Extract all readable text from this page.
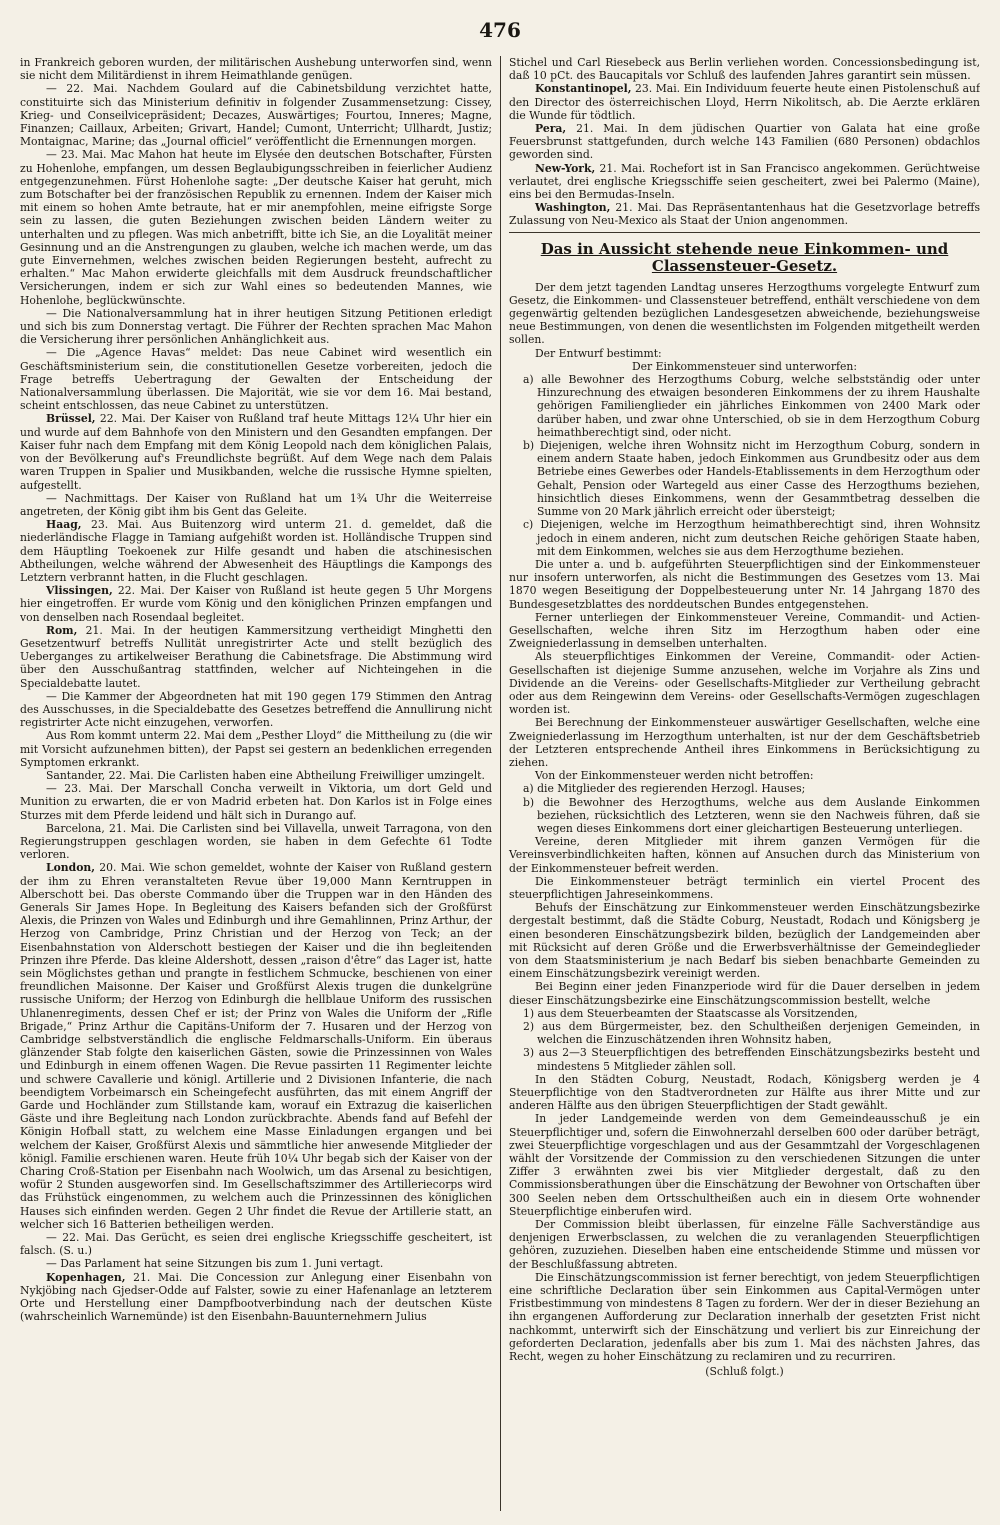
476

in Frankreich geboren wurden, der militärischen Aushebung unterworfen sind, wenn sie nicht dem Militärdienst in ihrem Heimathlande genügen.

— 22. Mai. Nachdem Goulard auf die Cabinetsbildung verzichtet hatte, constituirte sich das Ministerium definitiv in folgender Zusammensetzung: Cissey, Krieg- und Conseilvicepräsident; Decazes, Auswärtiges; Fourtou, Inneres; Magne, Finanzen; Caillaux, Arbeiten; Grivart, Handel; Cumont, Unterricht; Ullhardt, Justiz; Montaignac, Marine; das „Journal officiel“ veröffentlicht die Ernennungen morgen.

— 23. Mai. Mac Mahon hat heute im Elysée den deutschen Botschafter, Fürsten zu Hohenlohe, empfangen, um dessen Beglaubigungsschreiben in feierlicher Audienz entgegenzunehmen. Fürst Hohenlohe sagte: „Der deutsche Kaiser hat geruht, mich zum Botschafter bei der französischen Republik zu ernennen. Indem der Kaiser mich mit einem so hohen Amte betraute, hat er mir anempfohlen, meine eifrigste Sorge sein zu lassen, die guten Beziehungen zwischen beiden Ländern weiter zu unterhalten und zu pflegen. Was mich anbetrifft, bitte ich Sie, an die Loyalität meiner Gesinnung und an die Anstrengungen zu glauben, welche ich machen werde, um das gute Einvernehmen, welches zwischen beiden Regierungen besteht, aufrecht zu erhalten.“ Mac Mahon erwiderte gleichfalls mit dem Ausdruck freundschaftlicher Versicherungen, indem er sich zur Wahl eines so bedeutenden Mannes, wie Hohenlohe, beglückwünschte.

— Die Nationalversammlung hat in ihrer heutigen Sitzung Petitionen erledigt und sich bis zum Donnerstag vertagt. Die Führer der Rechten sprachen Mac Mahon die Versicherung ihrer persönlichen Anhänglichkeit aus.

— Die „Agence Havas“ meldet: Das neue Cabinet wird wesentlich ein Geschäftsministerium sein, die constitutionellen Gesetze vorbereiten, jedoch die Frage betreffs Uebertragung der Gewalten der Entscheidung der Nationalversammlung überlassen. Die Majorität, wie sie vor dem 16. Mai bestand, scheint entschlossen, das neue Cabinet zu unterstützen.

Brüssel, 22. Mai. Der Kaiser von Rußland traf heute Mittags 12¼ Uhr hier ein und wurde auf dem Bahnhofe von den Ministern und den Gesandten empfangen. Der Kaiser fuhr nach dem Empfang mit dem König Leopold nach dem königlichen Palais, von der Bevölkerung auf's Freundlichste begrüßt. Auf dem Wege nach dem Palais waren Truppen in Spalier und Musikbanden, welche die russische Hymne spielten, aufgestellt.

— Nachmittags. Der Kaiser von Rußland hat um 1¾ Uhr die Weiterreise angetreten, der König gibt ihm bis Gent das Geleite.

Haag, 23. Mai. Aus Buitenzorg wird unterm 21. d. gemeldet, daß die niederländische Flagge in Tamiang aufgehißt worden ist. Holländische Truppen sind dem Häuptling Toekoenek zur Hilfe gesandt und haben die atschinesischen Abtheilungen, welche während der Abwesenheit des Häuptlings die Kampongs des Letztern verbrannt hatten, in die Flucht geschlagen.

Vlissingen, 22. Mai. Der Kaiser von Rußland ist heute gegen 5 Uhr Morgens hier eingetroffen. Er wurde vom König und den königlichen Prinzen empfangen und von denselben nach Rosendaal begleitet.

Rom, 21. Mai. In der heutigen Kammersitzung vertheidigt Minghetti den Gesetzentwurf betreffs Nullität unregistrirter Acte und stellt bezüglich des Ueberganges zu artikelweiser Berathung die Cabinetsfrage. Die Abstimmung wird über den Ausschußantrag stattfinden, welcher auf Nichteingehen in die Specialdebatte lautet.

— Die Kammer der Abgeordneten hat mit 190 gegen 179 Stimmen den Antrag des Ausschusses, in die Specialdebatte des Gesetzes betreffend die Annullirung nicht registrirter Acte nicht einzugehen, verworfen.

Aus Rom kommt unterm 22. Mai dem „Pesther Lloyd“ die Mittheilung zu (die wir mit Vorsicht aufzunehmen bitten), der Papst sei gestern an bedenklichen erregenden Symptomen erkrankt.

Santander, 22. Mai. Die Carlisten haben eine Abtheilung Freiwilliger umzingelt.

— 23. Mai. Der Marschall Concha verweilt in Viktoria, um dort Geld und Munition zu erwarten, die er von Madrid erbeten hat. Don Karlos ist in Folge eines Sturzes mit dem Pferde leidend und hält sich in Durango auf.

Barcelona, 21. Mai. Die Carlisten sind bei Villavella, unweit Tarragona, von den Regierungstruppen geschlagen worden, sie haben in dem Gefechte 61 Todte verloren.

London, 20. Mai. Wie schon gemeldet, wohnte der Kaiser von Rußland gestern der ihm zu Ehren veranstalteten Revue über 19,000 Mann Kerntruppen in Alberschott bei. Das oberste Commando über die Truppen war in den Händen des Generals Sir James Hope. In Begleitung des Kaisers befanden sich der Großfürst Alexis, die Prinzen von Wales und Edinburgh und ihre Gemahlinnen, Prinz Arthur, der Herzog von Cambridge, Prinz Christian und der Herzog von Teck; an der Eisenbahnstation von Alderschott bestiegen der Kaiser und die ihn begleitenden Prinzen ihre Pferde. Das kleine Aldershott, dessen „raison d'être“ das Lager ist, hatte sein Möglichstes gethan und prangte in festlichem Schmucke, beschienen von einer freundlichen Maisonne. Der Kaiser und Großfürst Alexis trugen die dunkelgrüne russische Uniform; der Herzog von Edinburgh die hellblaue Uniform des russischen Uhlanenregiments, dessen Chef er ist; der Prinz von Wales die Uniform der „Rifle Brigade,“ Prinz Arthur die Capitäns-Uniform der 7. Husaren und der Herzog von Cambridge selbstverständlich die englische Feldmarschalls-Uniform. Ein überaus glänzender Stab folgte den kaiserlichen Gästen, sowie die Prinzessinnen von Wales und Edinburgh in einem offenen Wagen. Die Revue passirten 11 Regimenter leichte und schwere Cavallerie und königl. Artillerie und 2 Divisionen Infanterie, die nach beendigtem Vorbeimarsch ein Scheingefecht ausführten, das mit einem Angriff der Garde und Hochländer zum Stillstande kam, worauf ein Extrazug die kaiserlichen Gäste und ihre Begleitung nach London zurückbrachte. Abends fand auf Befehl der Königin Hofball statt, zu welchem eine Masse Einladungen ergangen und bei welchem der Kaiser, Großfürst Alexis und sämmtliche hier anwesende Mitglieder der königl. Familie erschienen waren. Heute früh 10¼ Uhr begab sich der Kaiser von der Charing Croß-Station per Eisenbahn nach Woolwich, um das Arsenal zu besichtigen, wofür 2 Stunden ausgeworfen sind. Im Gesellschaftszimmer des Artilleriecorps wird das Frühstück eingenommen, zu welchem auch die Prinzessinnen des königlichen Hauses sich einfinden werden. Gegen 2 Uhr findet die Revue der Artillerie statt, an welcher sich 16 Batterien betheiligen werden.

— 22. Mai. Das Gerücht, es seien drei englische Kriegsschiffe gescheitert, ist falsch. (S. u.)

— Das Parlament hat seine Sitzungen bis zum 1. Juni vertagt.

Kopenhagen, 21. Mai. Die Concession zur Anlegung einer Eisenbahn von Nykjöbing nach Gjedser-Odde auf Falster, sowie zu einer Hafenanlage an letzterem Orte und Herstellung einer Dampfbootverbindung nach der deutschen Küste (wahrscheinlich Warnemünde) ist den Eisenbahn-Bauunternehmern Julius

Stichel und Carl Riesebeck aus Berlin verliehen worden. Concessionsbedingung ist, daß 10 pCt. des Baucapitals vor Schluß des laufenden Jahres garantirt sein müssen.

Konstantinopel, 23. Mai. Ein Individuum feuerte heute einen Pistolenschuß auf den Director des österreichischen Lloyd, Herrn Nikolitsch, ab. Die Aerzte erklären die Wunde für tödtlich.

Pera, 21. Mai. In dem jüdischen Quartier von Galata hat eine große Feuersbrunst stattgefunden, durch welche 143 Familien (680 Personen) obdachlos geworden sind.

New-York, 21. Mai. Rochefort ist in San Francisco angekommen. Gerüchtweise verlautet, drei englische Kriegsschiffe seien gescheitert, zwei bei Palermo (Maine), eins bei den Bermudas-Inseln.

Washington, 21. Mai. Das Repräsentantenhaus hat die Gesetzvorlage betreffs Zulassung von Neu-Mexico als Staat der Union angenommen.

Das in Aussicht stehende neue Einkommen- und Classensteuer-Gesetz.

Der dem jetzt tagenden Landtag unseres Herzogthums vorgelegte Entwurf zum Gesetz, die Einkommen- und Classensteuer betreffend, enthält verschiedene von dem gegenwärtig geltenden bezüglichen Landesgesetzen abweichende, beziehungsweise neue Bestimmungen, von denen die wesentlichsten im Folgenden mitgetheilt werden sollen.

Der Entwurf bestimmt:

Der Einkommensteuer sind unterworfen:

a) alle Bewohner des Herzogthums Coburg, welche selbstständig oder unter Hinzurechnung des etwaigen besonderen Einkommens der zu ihrem Haushalte gehörigen Familienglieder ein jährliches Einkommen von 2400 Mark oder darüber haben, und zwar ohne Unterschied, ob sie in dem Herzogthum Coburg heimathberechtigt sind, oder nicht.

b) Diejenigen, welche ihren Wohnsitz nicht im Herzogthum Coburg, sondern in einem andern Staate haben, jedoch Einkommen aus Grundbesitz oder aus dem Betriebe eines Gewerbes oder Handels-Etablissements in dem Herzogthum oder Gehalt, Pension oder Wartegeld aus einer Casse des Herzogthums beziehen, hinsichtlich dieses Einkommens, wenn der Gesammtbetrag desselben die Summe von 20 Mark jährlich erreicht oder übersteigt;

c) Diejenigen, welche im Herzogthum heimathberechtigt sind, ihren Wohnsitz jedoch in einem anderen, nicht zum deutschen Reiche gehörigen Staate haben, mit dem Einkommen, welches sie aus dem Herzogthume beziehen.

Die unter a. und b. aufgeführten Steuerpflichtigen sind der Einkommensteuer nur insofern unterworfen, als nicht die Bestimmungen des Gesetzes vom 13. Mai 1870 wegen Beseitigung der Doppelbesteuerung unter Nr. 14 Jahrgang 1870 des Bundesgesetzblattes des norddeutschen Bundes entgegenstehen.

Ferner unterliegen der Einkommensteuer Vereine, Commandit- und Actien-Gesellschaften, welche ihren Sitz im Herzogthum haben oder eine Zweigniederlassung in demselben unterhalten.

Als steuerpflichtiges Einkommen der Vereine, Commandit- oder Actien-Gesellschaften ist diejenige Summe anzusehen, welche im Vorjahre als Zins und Dividende an die Vereins- oder Gesellschafts-Mitglieder zur Vertheilung gebracht oder aus dem Reingewinn dem Vereins- oder Gesellschafts-Vermögen zugeschlagen worden ist.

Bei Berechnung der Einkommensteuer auswärtiger Gesellschaften, welche eine Zweigniederlassung im Herzogthum unterhalten, ist nur der dem Geschäftsbetrieb der Letzteren entsprechende Antheil ihres Einkommens in Berücksichtigung zu ziehen.

Von der Einkommensteuer werden nicht betroffen:

a) die Mitglieder des regierenden Herzogl. Hauses;

b) die Bewohner des Herzogthums, welche aus dem Auslande Einkommen beziehen, rücksichtlich des Letzteren, wenn sie den Nachweis führen, daß sie wegen dieses Einkommens dort einer gleichartigen Besteuerung unterliegen.

Vereine, deren Mitglieder mit ihrem ganzen Vermögen für die Vereinsverbindlichkeiten haften, können auf Ansuchen durch das Ministerium von der Einkommensteuer befreit werden.

Die Einkommensteuer beträgt terminlich ein viertel Procent des steuerpflichtigen Jahreseinkommens.

Behufs der Einschätzung zur Einkommensteuer werden Einschätzungsbezirke dergestalt bestimmt, daß die Städte Coburg, Neustadt, Rodach und Königsberg je einen besonderen Einschätzungsbezirk bilden, bezüglich der Landgemeinden aber mit Rücksicht auf deren Größe und die Erwerbsverhältnisse der Gemeindeglieder von dem Staatsministerium je nach Bedarf bis sieben benachbarte Gemeinden zu einem Einschätzungsbezirk vereinigt werden.

Bei Beginn einer jeden Finanzperiode wird für die Dauer derselben in jedem dieser Einschätzungsbezirke eine Einschätzungscommission bestellt, welche

1) aus dem Steuerbeamten der Staatscasse als Vorsitzenden,

2) aus dem Bürgermeister, bez. den Schultheißen derjenigen Gemeinden, in welchen die Einzuschätzenden ihren Wohnsitz haben,

3) aus 2—3 Steuerpflichtigen des betreffenden Einschätzungsbezirks besteht und mindestens 5 Mitglieder zählen soll.

In den Städten Coburg, Neustadt, Rodach, Königsberg werden je 4 Steuerpflichtige von den Stadtverordneten zur Hälfte aus ihrer Mitte und zur anderen Hälfte aus den übrigen Steuerpflichtigen der Stadt gewählt.

In jeder Landgemeinde werden von dem Gemeindeausschuß je ein Steuerpflichtiger und, sofern die Einwohnerzahl derselben 600 oder darüber beträgt, zwei Steuerpflichtige vorgeschlagen und aus der Gesammtzahl der Vorgeschlagenen wählt der Vorsitzende der Commission zu den verschiedenen Sitzungen die unter Ziffer 3 erwähnten zwei bis vier Mitglieder dergestalt, daß zu den Commissionsberathungen über die Einschätzung der Bewohner von Ortschaften über 300 Seelen neben dem Ortsschultheißen auch ein in diesem Orte wohnender Steuerpflichtige einberufen wird.

Der Commission bleibt überlassen, für einzelne Fälle Sachverständige aus denjenigen Erwerbsclassen, zu welchen die zu veranlagenden Steuerpflichtigen gehören, zuzuziehen. Dieselben haben eine entscheidende Stimme und müssen vor der Beschlußfassung abtreten.

Die Einschätzungscommission ist ferner berechtigt, von jedem Steuerpflichtigen eine schriftliche Declaration über sein Einkommen aus Capital-Vermögen unter Fristbestimmung von mindestens 8 Tagen zu fordern. Wer der in dieser Beziehung an ihn ergangenen Aufforderung zur Declaration innerhalb der gesetzten Frist nicht nachkommt, unterwirft sich der Einschätzung und verliert bis zur Einreichung der geforderten Declaration, jedenfalls aber bis zum 1. Mai des nächsten Jahres, das Recht, wegen zu hoher Einschätzung zu reclamiren und zu recurriren.

(Schluß folgt.)
